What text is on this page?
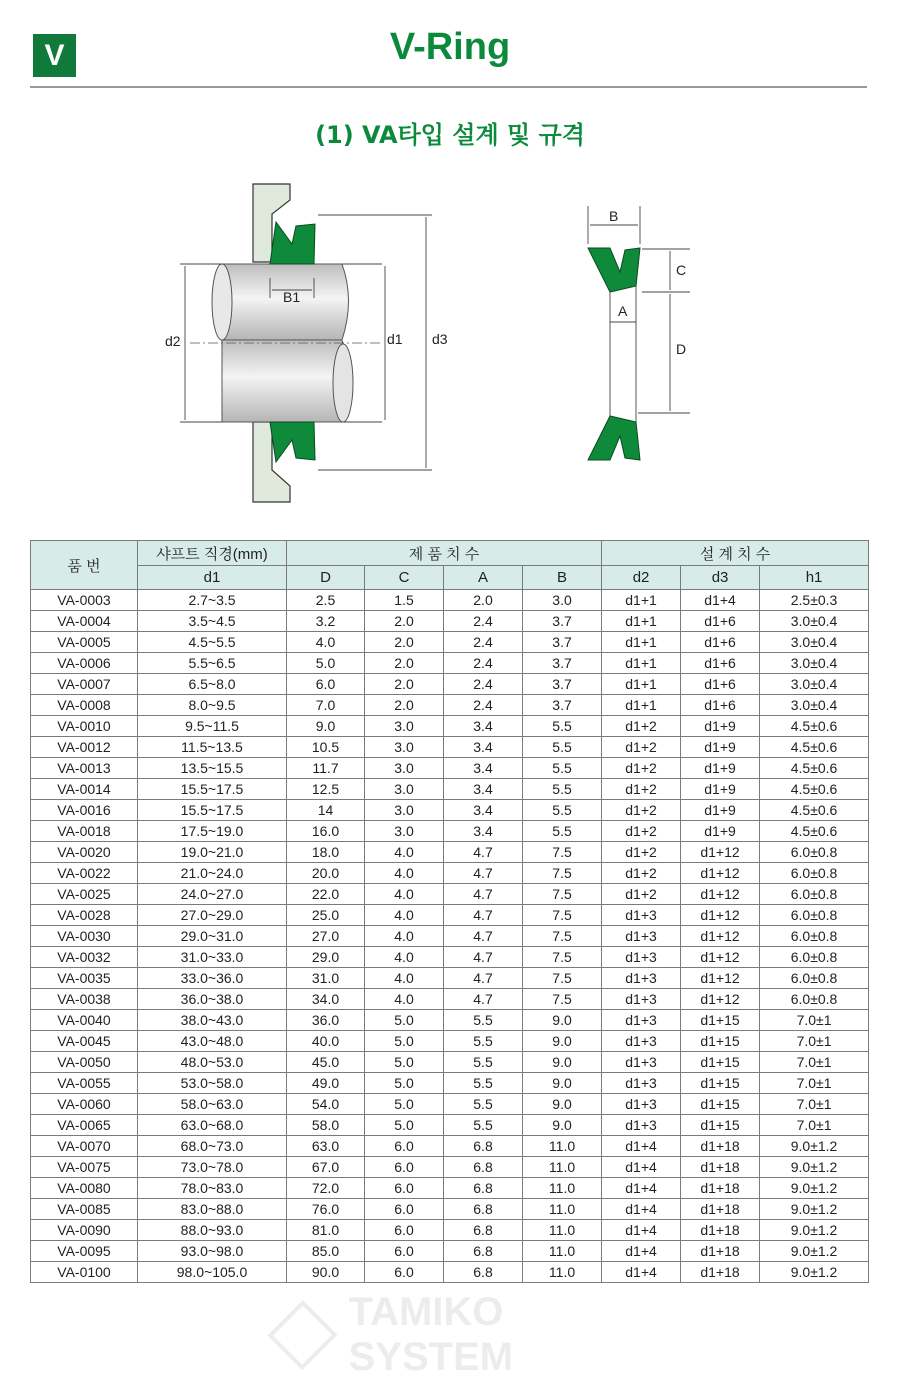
V	V-Ring
(1) VA타입 설계 및 규격
d2
B1
d1 d3
B
C
A
D
품 번	샤프트 직경(mm)	제 품 치 수				설 계 치 수		
	d1	D	C	A	B	d2	d3	h1
VA-0003	2.7~3.5	2.5	1.5	2.0	3.0	d1+1	d1+4	2.5±0.3
VA-0004	3.5~4.5	3.2	2.0	2.4	3.7	d1+1	d1+6	3.0±0.4
VA-0005	4.5~5.5	4.0	2.0	2.4	3.7	d1+1	d1+6	3.0±0.4
VA-0006	5.5~6.5	5.0	2.0	2.4	3.7	d1+1	d1+6	3.0±0.4
VA-0007	6.5~8.0	6.0	2.0	2.4	3.7	d1+1	d1+6	3.0±0.4
VA-0008	8.0~9.5	7.0	2.0	2.4	3.7	d1+1	d1+6	3.0±0.4
VA-0010	9.5~11.5	9.0	3.0	3.4	5.5	d1+2	d1+9	4.5±0.6
VA-0012	11.5~13.5	10.5	3.0	3.4	5.5	d1+2	d1+9	4.5±0.6
VA-0013	13.5~15.5	11.7	3.0	3.4	5.5	d1+2	d1+9	4.5±0.6
VA-0014	15.5~17.5	12.5	3.0	3.4	5.5	d1+2	d1+9	4.5±0.6
VA-0016	15.5~17.5	14	3.0	3.4	5.5	d1+2	d1+9	4.5±0.6
VA-0018	17.5~19.0	16.0	3.0	3.4	5.5	d1+2	d1+9	4.5±0.6
VA-0020	19.0~21.0	18.0	4.0	4.7	7.5	d1+2	d1+12	6.0±0.8
VA-0022	21.0~24.0	20.0	4.0	4.7	7.5	d1+2	d1+12	6.0±0.8
VA-0025	24.0~27.0	22.0	4.0	4.7	7.5	d1+2	d1+12	6.0±0.8
VA-0028	27.0~29.0	25.0	4.0	4.7	7.5	d1+3	d1+12	6.0±0.8
VA-0030	29.0~31.0	27.0	4.0	4.7	7.5	d1+3	d1+12	6.0±0.8
VA-0032	31.0~33.0	29.0	4.0	4.7	7.5	d1+3	d1+12	6.0±0.8
VA-0035	33.0~36.0	31.0	4.0	4.7	7.5	d1+3	d1+12	6.0±0.8
VA-0038	36.0~38.0	34.0	4.0	4.7	7.5	d1+3	d1+12	6.0±0.8
VA-0040	38.0~43.0	36.0	5.0	5.5	9.0	d1+3	d1+15	7.0±1
VA-0045	43.0~48.0	40.0	5.0	5.5	9.0	d1+3	d1+15	7.0±1
VA-0050	48.0~53.0	45.0	5.0	5.5	9.0	d1+3	d1+15	7.0±1
VA-0055	53.0~58.0	49.0	5.0	5.5	9.0	d1+3	d1+15	7.0±1
VA-0060	58.0~63.0	54.0	5.0	5.5	9.0	d1+3	d1+15	7.0±1
VA-0065	63.0~68.0	58.0	5.0	5.5	9.0	d1+3	d1+15	7.0±1
VA-0070	68.0~73.0	63.0	6.0	6.8	11.0	d1+4	d1+18	9.0±1.2
VA-0075	73.0~78.0	67.0	6.0	6.8	11.0	d1+4	d1+18	9.0±1.2
VA-0080	78.0~83.0	72.0	6.0	6.8	11.0	d1+4	d1+18	9.0±1.2
VA-0085	83.0~88.0	76.0	6.0	6.8	11.0	d1+4	d1+18	9.0±1.2
VA-0090	88.0~93.0	81.0	6.0	6.8	11.0	d1+4	d1+18	9.0±1.2
VA-0095	93.0~98.0	85.0	6.0	6.8	11.0	d1+4	d1+18	9.0±1.2
VA-0100	98.0~105.0	90.0	6.0	6.8	11.0	d1+4	d1+18	9.0±1.2
TAMIKO SYSTEM
